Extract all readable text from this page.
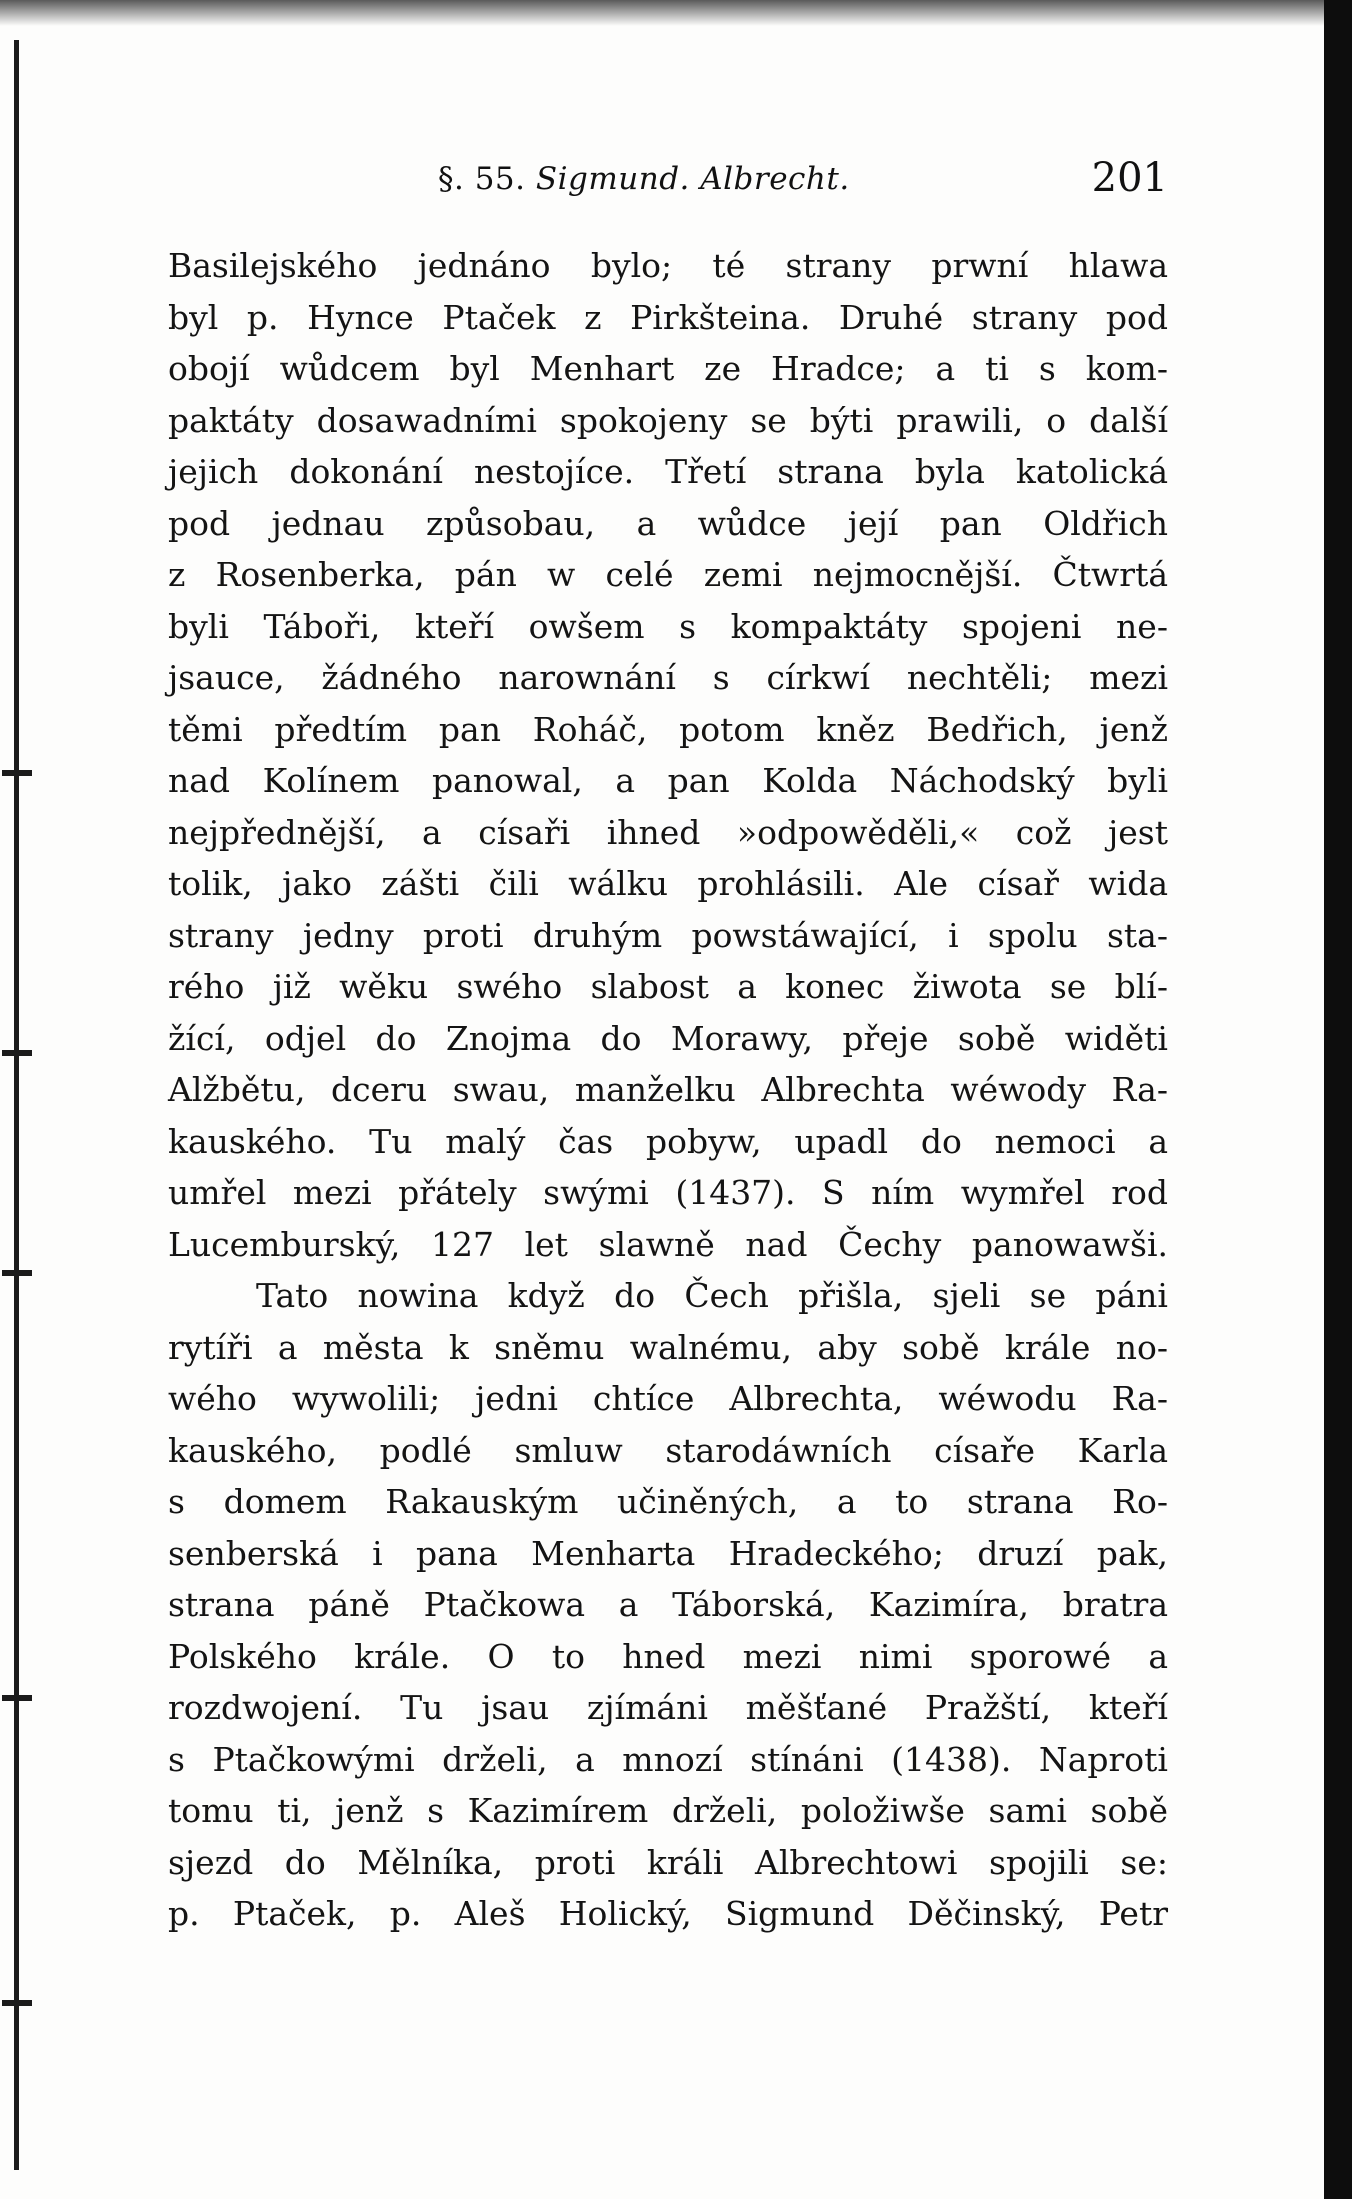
§. 55. Sigmund. Albrecht.	201
Basilejského jednáno bylo; té strany prwní hlawa
byl p. Hynce Ptaček z Pirkšteina. Druhé strany pod
obojí wůdcem byl Menhart ze Hradce; a ti s kom-
paktáty dosawadními spokojeny se býti prawili, o další
jejich dokonání nestojíce. Třetí strana byla katolická
pod jednau způsobau, a wůdce její pan Oldřich
z Rosenberka, pán w celé zemi nejmocnější. Čtwrtá
byli Táboři, kteří owšem s kompaktáty spojeni ne-
jsauce, žádného narownání s církwí nechtěli; mezi
těmi předtím pan Roháč, potom kněz Bedřich, jenž
nad Kolínem panowal, a pan Kolda Náchodský byli
nejpřednější, a císaři ihned »odpowěděli,« což jest
tolik, jako zášti čili wálku prohlásili. Ale císař wida
strany jedny proti druhým powstáwající, i spolu sta-
rého již wěku swého slabost a konec žiwota se blí-
žící, odjel do Znojma do Morawy, přeje sobě widěti
Alžbětu, dceru swau, manželku Albrechta wéwody Ra-
kauského. Tu malý čas pobyw, upadl do nemoci a
umřel mezi přátely swými (1437). S ním wymřel rod
Lucemburský, 127 let slawně nad Čechy panowawši.
Tato nowina když do Čech přišla, sjeli se páni
rytíři a města k sněmu walnému, aby sobě krále no-
wého wywolili; jedni chtíce Albrechta, wéwodu Ra-
kauského, podlé smluw starodáwních císaře Karla
s domem Rakauským učiněných, a to strana Ro-
senberská i pana Menharta Hradeckého; druzí pak,
strana páně Ptačkowa a Táborská, Kazimíra, bratra
Polského krále. O to hned mezi nimi sporowé a
rozdwojení. Tu jsau zjímáni měšťané Pražští, kteří
s Ptačkowými drželi, a mnozí stínáni (1438). Naproti
tomu ti, jenž s Kazimírem drželi, položiwše sami sobě
sjezd do Mělníka, proti králi Albrechtowi spojili se:
p. Ptaček, p. Aleš Holický, Sigmund Děčinský, Petr
